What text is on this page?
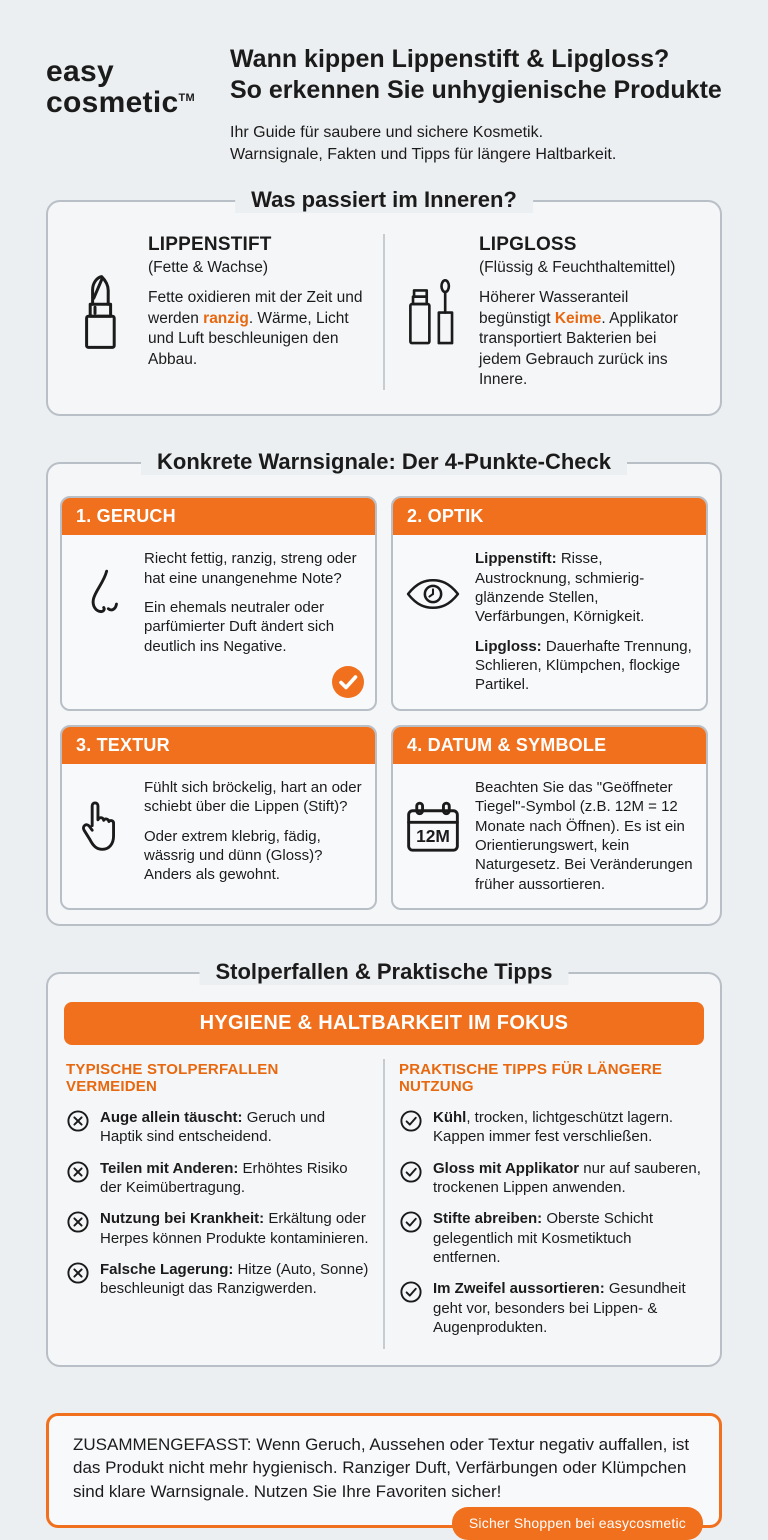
easy
cosmetic™
Wann kippen Lippenstift & Lipgloss?
So erkennen Sie unhygienische Produkte
Ihr Guide für saubere und sichere Kosmetik.
Warnsignale, Fakten und Tipps für längere Haltbarkeit.
Was passiert im Inneren?
LIPPENSTIFT
(Fette & Wachse)
Fette oxidieren mit der Zeit und werden ranzig. Wärme, Licht und Luft beschleunigen den Abbau.
LIPGLOSS
(Flüssig & Feuchthaltemittel)
Höherer Wasseranteil begünstigt Keime. Applikator transportiert Bakterien bei jedem Gebrauch zurück ins Innere.
Konkrete Warnsignale: Der 4-Punkte-Check
1. GERUCH

Riecht fettig, ranzig, streng oder hat eine unangenehme Note?

Ein ehemals neutraler oder parfümierter Duft ändert sich deutlich ins Negative.

2. OPTIK

Lippenstift: Risse, Austrocknung, schmierig-glänzende Stellen, Verfärbungen, Körnigkeit.

Lipgloss: Dauerhafte Trennung, Schlieren, Klümpchen, flockige Partikel.

3. TEXTUR

Fühlt sich bröckelig, hart an oder schiebt über die Lippen (Stift)?

Oder extrem klebrig, fädig, wässrig und dünn (Gloss)? Anders als gewohnt.

4. DATUM & SYMBOLE
12M

Beachten Sie das "Geöffneter Tiegel"-Symbol (z.B. 12M = 12 Monate nach Öffnen). Es ist ein Orientierungswert, kein Naturgesetz. Bei Veränderungen früher aussortieren.

Stolperfallen & Praktische Tipps
HYGIENE & HALTBARKEIT IM FOKUS
TYPISCHE STOLPERFALLEN VERMEIDEN

Auge allein täuscht: Geruch und Haptik sind entscheidend.

Teilen mit Anderen: Erhöhtes Risiko der Keimübertragung.

Nutzung bei Krankheit: Erkältung oder Herpes können Produkte kontaminieren.

Falsche Lagerung: Hitze (Auto, Sonne) beschleunigt das Ranzigwerden.

PRAKTISCHE TIPPS FÜR LÄNGERE NUTZUNG

Kühl, trocken, lichtgeschützt lagern. Kappen immer fest verschließen.

Gloss mit Applikator nur auf sauberen, trockenen Lippen anwenden.

Stifte abreiben: Oberste Schicht gelegentlich mit Kosmetiktuch entfernen.

Im Zweifel aussortieren: Gesundheit geht vor, besonders bei Lippen- & Augenprodukten.

ZUSAMMENGEFASST: Wenn Geruch, Aussehen oder Textur negativ auffallen, ist das Produkt nicht mehr hygienisch. Ranziger Duft, Verfärbungen oder Klümpchen sind klare Warnsignale. Nutzen Sie Ihre Favoriten sicher!
Sicher Shoppen bei easycosmetic
